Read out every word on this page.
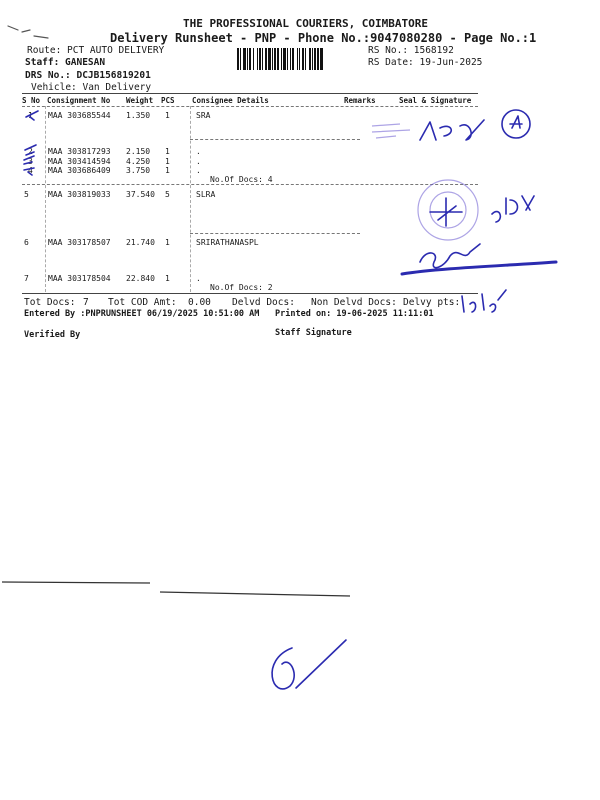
THE PROFESSIONAL COURIERS, COIMBATORE
Delivery Runsheet - PNP - Phone No.:9047080280 - Page No.:1
Route: PCT AUTO DELIVERY
Staff: GANESAN
DRS No.: DCJB156819201
Vehicle: Van Delivery
RS No.: 1568192
RS Date: 19-Jun-2025
S No Consignment No Weight PCS Consignee Details	Remarks	Seal & Signature
1 MAA 303685544 1.350 1	SRA
2 MAA 303817293 2.150 1	.
3 MAA 303414594 4.250 1	.
4 MAA 303686409 3.750 1	.
No.Of Docs: 4
5 MAA 303819033 37.540 5	SLRA
6 MAA 303178507 21.740 1	SRIRATHANASPL
7 MAA 303178504 22.840 1	.
No.Of Docs: 2
Tot Docs: 7 Tot COD Amt: 0.00 Delvd Docs: Non Delvd Docs: Delvy pts:
Entered By :PNPRUNSHEET 06/19/2025 10:51:00 AM Printed on: 19-06-2025 11:11:01
Verified By	Staff Signature
